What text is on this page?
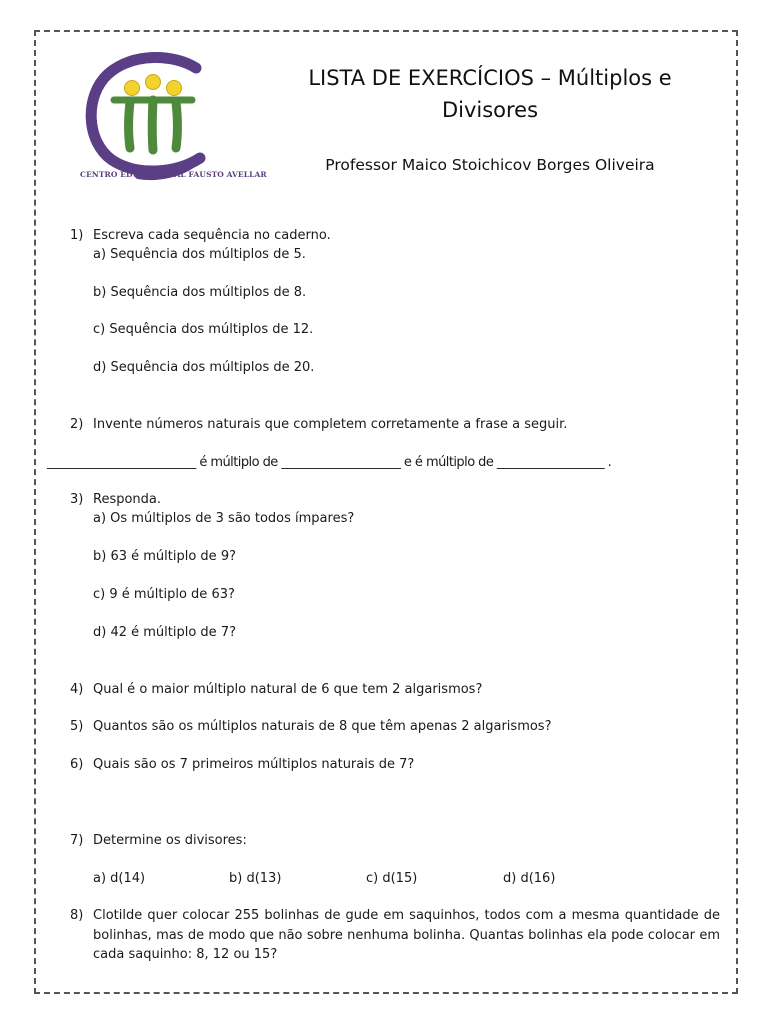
CENTRO EDUCACIONAL FAUSTO AVELLAR
LISTA DE EXERCÍCIOS – Múltiplos e
Divisores
Professor Maico Stoichicov Borges Oliveira
1) Escreva cada sequência no caderno.
a) Sequência dos múltiplos de 5.
b) Sequência dos múltiplos de 8.
c) Sequência dos múltiplos de 12.
d) Sequência dos múltiplos de 20.
2) Invente números naturais que completem corretamente a frase a seguir.
_________________________ é múltiplo de ____________________ e é múltiplo de __________________ .
3) Responda.
a) Os múltiplos de 3 são todos ímpares?
b) 63 é múltiplo de 9?
c) 9 é múltiplo de 63?
d) 42 é múltiplo de 7?
4) Qual é o maior múltiplo natural de 6 que tem 2 algarismos?
5) Quantos são os múltiplos naturais de 8 que têm apenas 2 algarismos?
6) Quais são os 7 primeiros múltiplos naturais de 7?
7) Determine os divisores:
a) d(14)	b) d(13)	c) d(15)	d) d(16)
8) Clotilde quer colocar 255 bolinhas de gude em saquinhos, todos com a mesma quantidade de bolinhas, mas de modo que não sobre nenhuma bolinha. Quantas bolinhas ela pode colocar em cada saquinho: 8, 12 ou 15?
